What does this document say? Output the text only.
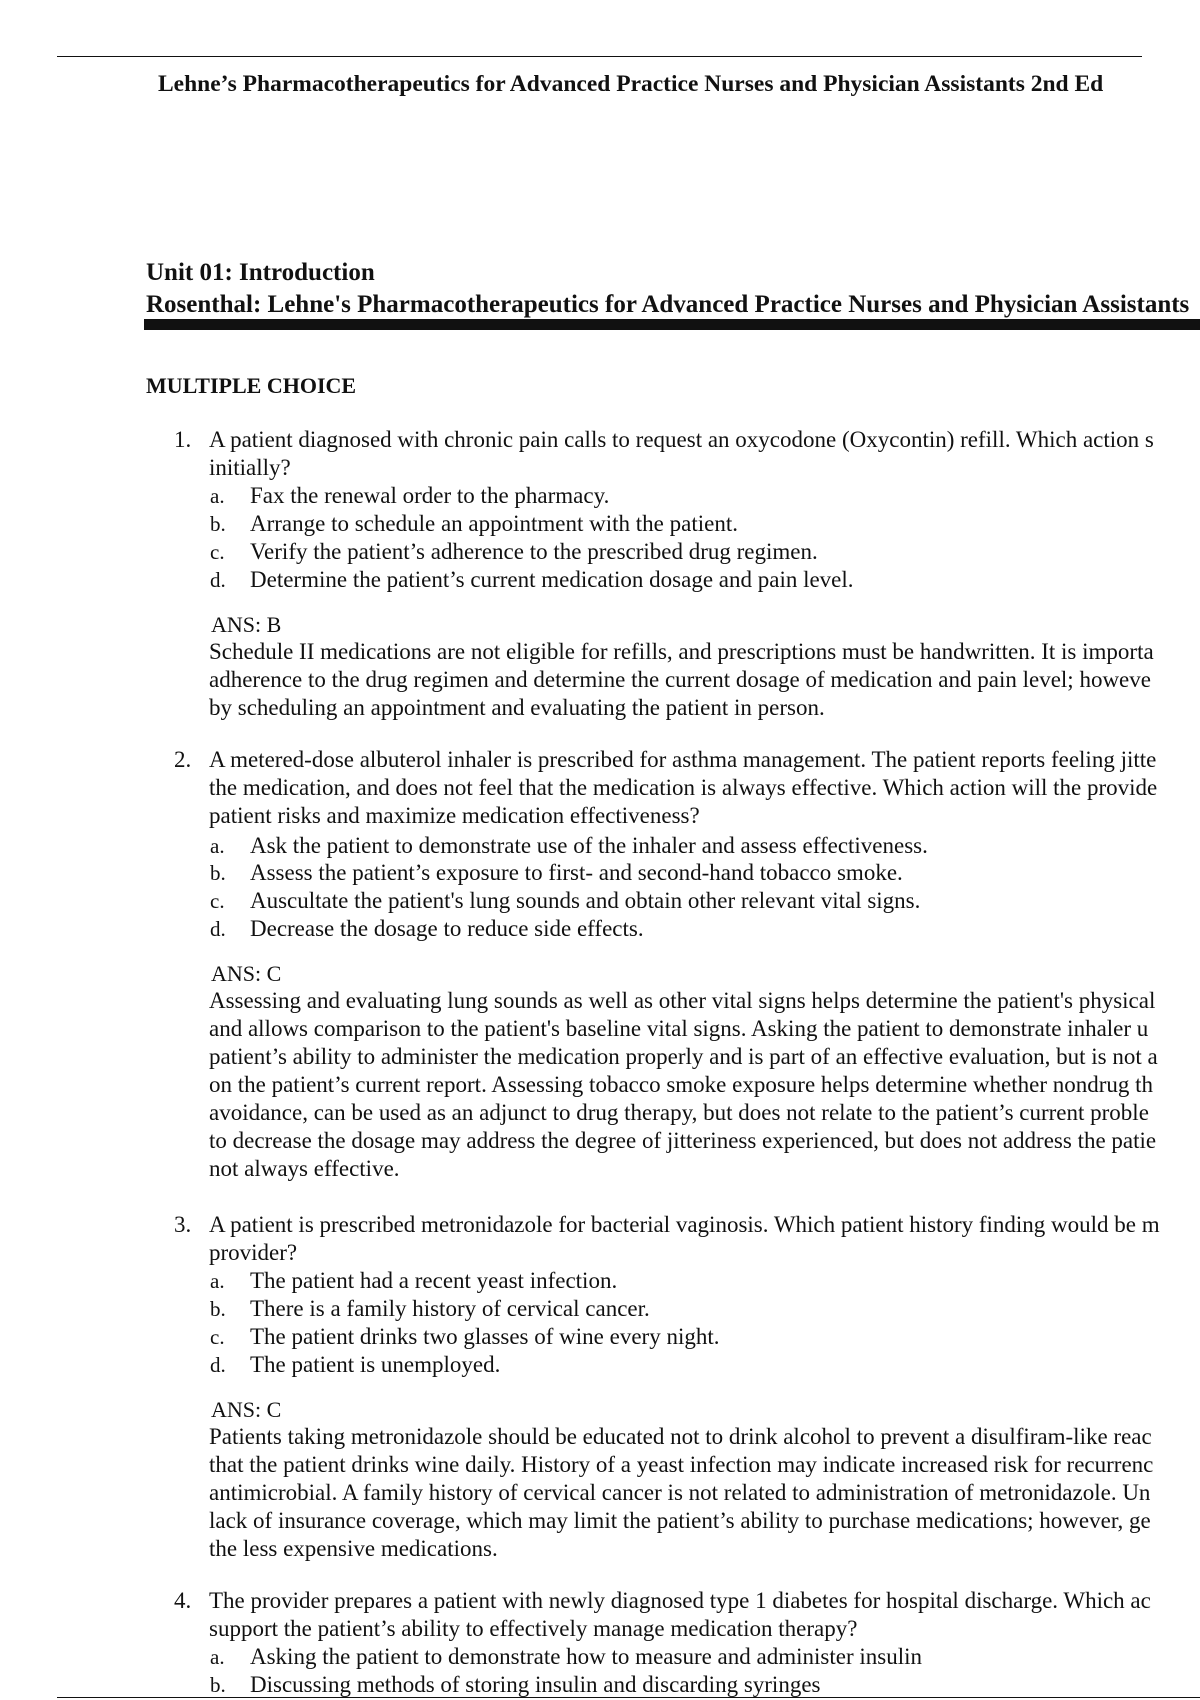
Lehne’s Pharmacotherapeutics for Advanced Practice Nurses and Physician Assistants 2nd Ed
Unit 01: Introduction
Rosenthal: Lehne's Pharmacotherapeutics for Advanced Practice Nurses and Physician Assistants
MULTIPLE CHOICE
1. A patient diagnosed with chronic pain calls to request an oxycodone (Oxycontin) refill. Which action s
initially?
a. Fax the renewal order to the pharmacy.
b. Arrange to schedule an appointment with the patient.
c. Verify the patient’s adherence to the prescribed drug regimen.
d. Determine the patient’s current medication dosage and pain level.
ANS: B
Schedule II medications are not eligible for refills, and prescriptions must be handwritten. It is importa
adherence to the drug regimen and determine the current dosage of medication and pain level; howeve
by scheduling an appointment and evaluating the patient in person.
2. A metered-dose albuterol inhaler is prescribed for asthma management. The patient reports feeling jitte
the medication, and does not feel that the medication is always effective. Which action will the provide
patient risks and maximize medication effectiveness?
a. Ask the patient to demonstrate use of the inhaler and assess effectiveness.
b. Assess the patient’s exposure to first- and second-hand tobacco smoke.
c. Auscultate the patient's lung sounds and obtain other relevant vital signs.
d. Decrease the dosage to reduce side effects.
ANS: C
Assessing and evaluating lung sounds as well as other vital signs helps determine the patient's physical
and allows comparison to the patient's baseline vital signs. Asking the patient to demonstrate inhaler u
patient’s ability to administer the medication properly and is part of an effective evaluation, but is not a
on the patient’s current report. Assessing tobacco smoke exposure helps determine whether nondrug th
avoidance, can be used as an adjunct to drug therapy, but does not relate to the patient’s current proble
to decrease the dosage may address the degree of jitteriness experienced, but does not address the patie
not always effective.
3. A patient is prescribed metronidazole for bacterial vaginosis. Which patient history finding would be m
provider?
a. The patient had a recent yeast infection.
b. There is a family history of cervical cancer.
c. The patient drinks two glasses of wine every night.
d. The patient is unemployed.
ANS: C
Patients taking metronidazole should be educated not to drink alcohol to prevent a disulfiram-like reac
that the patient drinks wine daily. History of a yeast infection may indicate increased risk for recurrenc
antimicrobial. A family history of cervical cancer is not related to administration of metronidazole. Un
lack of insurance coverage, which may limit the patient’s ability to purchase medications; however, ge
the less expensive medications.
4. The provider prepares a patient with newly diagnosed type 1 diabetes for hospital discharge. Which ac
support the patient’s ability to effectively manage medication therapy?
a. Asking the patient to demonstrate how to measure and administer insulin
b. Discussing methods of storing insulin and discarding syringes
